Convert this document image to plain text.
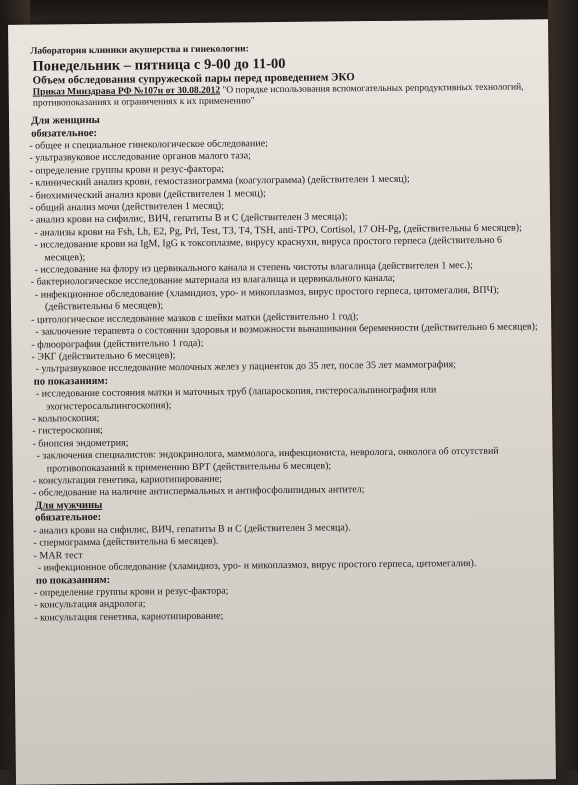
Лаборатория клиники акушерства и гинекологии:
Понедельник – пятница с 9-00 до 11-00
Объем обследования супружеской пары перед проведением ЭКО
Приказ Минздрава РФ №107н от 30.08.2012 "О порядке использования вспомогательных репродуктивных технологий, противопоказаниях и ограничениях к их применению"
Для женщины
обязательное:
- общее и специальное гинекологическое обследование;
- ультразвуковое исследование органов малого таза;
- определение группы крови и резус-фактора;
- клинический анализ крови, гемостазиограмма (коагулограмма) (действителен 1 месяц);
- биохимический анализ крови (действителен 1 месяц);
- общий анализ мочи (действителен 1 месяц);
- анализ крови на сифилис, ВИЧ, гепатиты В и С (действителен 3 месяца);
- анализы крови на Fsh, Lh, E2, Pg, Prl, Test, T3, T4, TSH, anti-TPO, Cortisol, 17 OH-Pg, (действительны 6 месяцев);
- исследование крови на IgM, IgG к токсоплазме, вирусу краснухи, вируса простого герпеса (действительно 6 месяцев);
- исследование на флору из цервикального канала и степень чистоты влагалища (действителен 1 мес.);
- бактериологическое исследование материала из влагалища и цервикального канала;
- инфекционное обследование (хламидиоз, уро- и микоплазмоз, вирус простого герпеса, цитомегалия, ВПЧ); (действительны 6 месяцев);
- цитологическое исследование мазков с шейки матки (действительно 1 год);
- заключение терапевта о состоянии здоровья и возможности вынашивания беременности (действительно 6 месяцев);
- флюорография (действительно 1 года);
- ЭКГ (действительно 6 месяцев);
- ультразвуковое исследование молочных желез у пациенток до 35 лет, после 35 лет маммография;
по показаниям:
- исследование состояния матки и маточных труб (лапароскопия, гистеросальпинография или эхогистеросальпингоскопия);
- кольпоскопия;
- гистероскопия;
- биопсия эндометрия;
- заключения специалистов: эндокринолога, маммолога, инфекциониста, невролога, онколога об отсутствий противопоказаний к применению ВРТ (действительны 6 месяцев);
- консультация генетика, кариотипирование;
- обследование на наличие антиспермальных и антифосфолипидных антител;
Для мужчины
обязательное:
- анализ крови на сифилис, ВИЧ, гепатиты В и С (действителен 3 месяца).
- спермограмма (действительна 6 месяцев).
- MAR тест
- инфекционное обследование (хламидиоз, уро- и микоплазмоз, вирус простого герпеса, цитомегалия).
по показаниям:
- определение группы крови и резус-фактора;
- консультация андролога;
- консультация генетика, кариотипирование;
